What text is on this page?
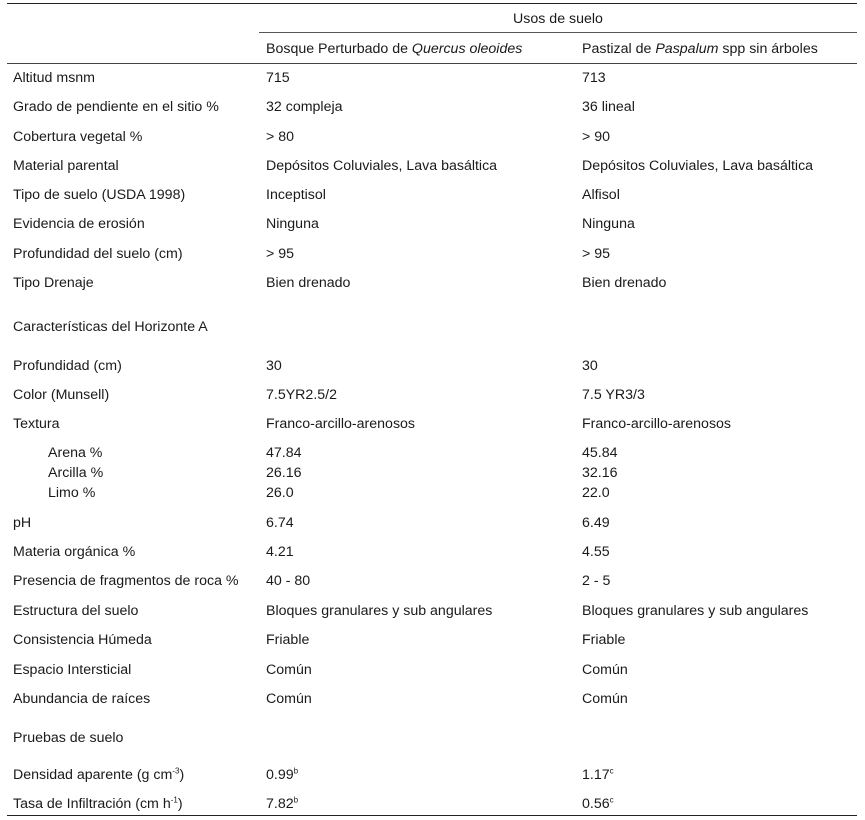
Usos de suelo
Bosque Perturbado de Quercus oleoides	Pastizal de Paspalum spp sin árboles
Altitud msnm	715	713
Grado de pendiente en el sitio %	32 compleja	36 lineal
Cobertura vegetal %	> 80	> 90
Material parental	Depósitos Coluviales, Lava basáltica	Depósitos Coluviales, Lava basáltica
Tipo de suelo (USDA 1998)	Inceptisol	Alfisol
Evidencia de erosión	Ninguna	Ninguna
Profundidad del suelo (cm)	> 95	> 95
Tipo Drenaje	Bien drenado	Bien drenado
Características del Horizonte A
Profundidad (cm)	30	30
Color (Munsell)	7.5YR2.5/2	7.5 YR3/3
Textura	Franco-arcillo-arenosos	Franco-arcillo-arenosos
Arena %	47.84	45.84
Arcilla %	26.16	32.16
Limo %	26.0	22.0
pH	6.74	6.49
Materia orgánica %	4.21	4.55
Presencia de fragmentos de roca % 40 - 80	2 - 5
Estructura del suelo	Bloques granulares y sub angulares	Bloques granulares y sub angulares
Consistencia Húmeda	Friable	Friable
Espacio Intersticial	Común	Común
Abundancia de raíces	Común	Común
Pruebas de suelo
Densidad aparente (g $cm^{-3}$)	0.99$^b$	1.17$^c$
Tasa de Infiltración (cm $h^{-1}$)	7.82$^b$	0.56$^c$
